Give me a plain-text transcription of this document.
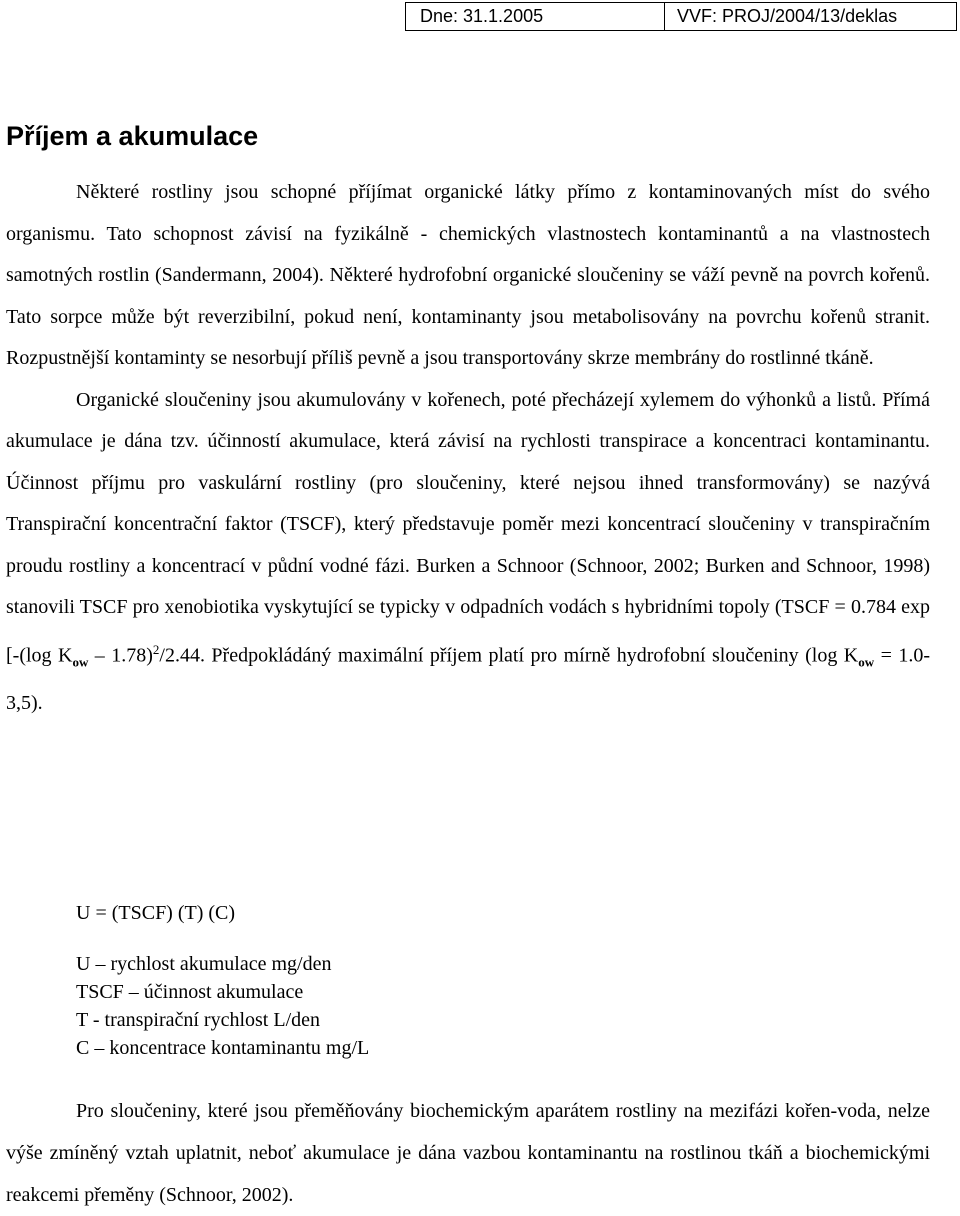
Dne: 31.1.2005	VVF: PROJ/2004/13/deklas
Příjem a akumulace

Některé rostliny jsou schopné příjímat organické látky přímo z kontaminovaných míst do svého organismu. Tato schopnost závisí na fyzikálně - chemických vlastnostech kontaminantů a na vlastnostech samotných rostlin (Sandermann, 2004). Některé hydrofobní organické sloučeniny se váží pevně na povrch kořenů. Tato sorpce může být reverzibilní, pokud není, kontaminanty jsou metabolisovány na povrchu kořenů stranit. Rozpustnější kontaminty se nesorbují příliš pevně a jsou transportovány skrze membrány do rostlinné tkáně.

Organické sloučeniny jsou akumulovány v kořenech, poté přecházejí xylemem do výhonků a listů. Přímá akumulace je dána tzv. účinností akumulace, která závisí na rychlosti transpirace a koncentraci kontaminantu. Účinnost příjmu pro vaskulární rostliny (pro sloučeniny, které nejsou ihned transformovány) se nazývá Transpirační koncentrační faktor (TSCF), který představuje poměr mezi koncentrací sloučeniny v transpiračním proudu rostliny a koncentrací v půdní vodné fázi. Burken a Schnoor (Schnoor, 2002; Burken and Schnoor, 1998) stanovili TSCF pro xenobiotika vyskytující se typicky v odpadních vodách s hybridními topoly (TSCF = 0.784 exp [-(log $K_{ow} - 1.78)^2/2.44$. Předpokládáný maximální příjem platí pro mírně hydrofobní sloučeniny (log $K_{ow} = 1.0-3,5$).

U = (TSCF) (T) (C)
U – rychlost akumulace mg/den
TSCF – účinnost akumulace
T - transpirační rychlost L/den
C – koncentrace kontaminantu mg/L

Pro sloučeniny, které jsou přeměňovány biochemickým aparátem rostliny na mezifázi kořen-voda, nelze výše zmíněný vztah uplatnit, neboť akumulace je dána vazbou kontaminantu na rostlinou tkáň a biochemickými reakcemi přeměny (Schnoor, 2002).
